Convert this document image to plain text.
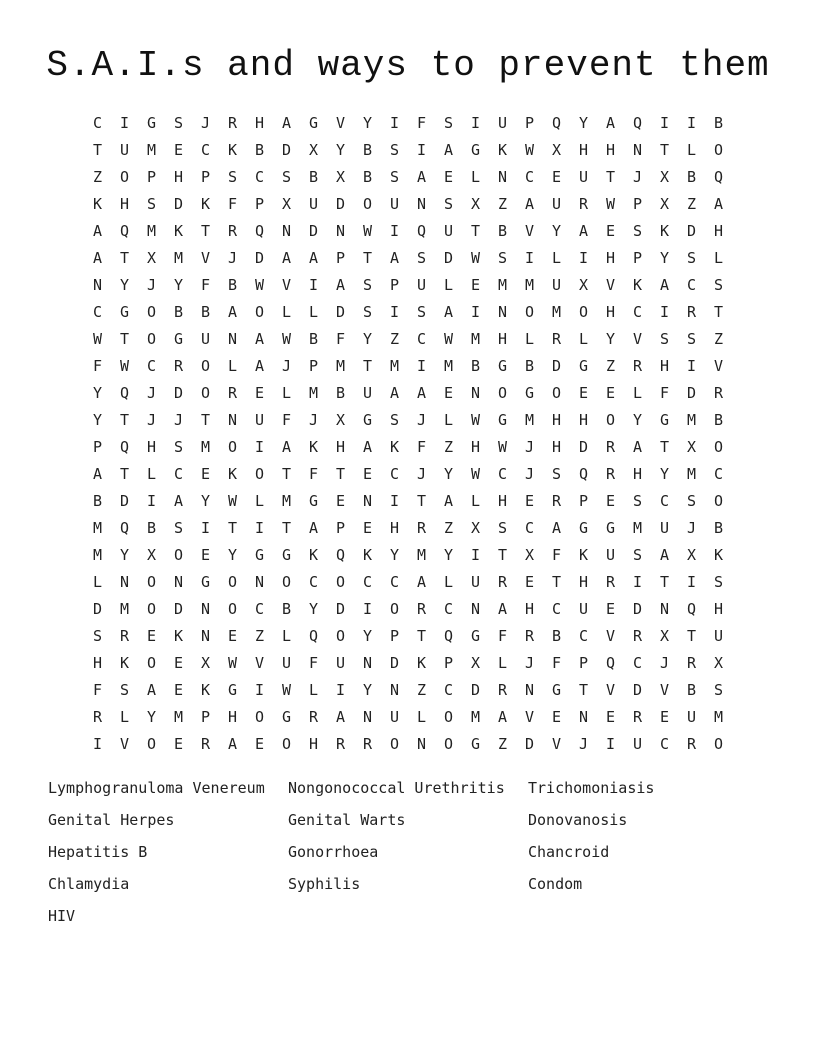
S.A.I.s and ways to prevent them
C	I	G	S	J	R	H	A	G	V	Y	I	F	S	I	U	P	Q	Y	A	Q	I	I	B
T	U	M	E	C	K	B	D	X	Y	B	S	I	A	G	K	W	X	H	H	N	T	L	O
Z	O	P	H	P	S	C	S	B	X	B	S	A	E	L	N	C	E	U	T	J	X	B	Q
K	H	S	D	K	F	P	X	U	D	O	U	N	S	X	Z	A	U	R	W	P	X	Z	A
A	Q	M	K	T	R	Q	N	D	N	W	I	Q	U	T	B	V	Y	A	E	S	K	D	H
A	T	X	M	V	J	D	A	A	P	T	A	S	D	W	S	I	L	I	H	P	Y	S	L
N	Y	J	Y	F	B	W	V	I	A	S	P	U	L	E	M	M	U	X	V	K	A	C	S
C	G	O	B	B	A	O	L	L	D	S	I	S	A	I	N	O	M	O	H	C	I	R	T
W	T	O	G	U	N	A	W	B	F	Y	Z	C	W	M	H	L	R	L	Y	V	S	S	Z
F	W	C	R	O	L	A	J	P	M	T	M	I	M	B	G	B	D	G	Z	R	H	I	V
Y	Q	J	D	O	R	E	L	M	B	U	A	A	E	N	O	G	O	E	E	L	F	D	R
Y	T	J	J	T	N	U	F	J	X	G	S	J	L	W	G	M	H	H	O	Y	G	M	B
P	Q	H	S	M	O	I	A	K	H	A	K	F	Z	H	W	J	H	D	R	A	T	X	O
A	T	L	C	E	K	O	T	F	T	E	C	J	Y	W	C	J	S	Q	R	H	Y	M	C
B	D	I	A	Y	W	L	M	G	E	N	I	T	A	L	H	E	R	P	E	S	C	S	O
M	Q	B	S	I	T	I	T	A	P	E	H	R	Z	X	S	C	A	G	G	M	U	J	B
M	Y	X	O	E	Y	G	G	K	Q	K	Y	M	Y	I	T	X	F	K	U	S	A	X	K
L	N	O	N	G	O	N	O	C	O	C	C	A	L	U	R	E	T	H	R	I	T	I	S
D	M	O	D	N	O	C	B	Y	D	I	O	R	C	N	A	H	C	U	E	D	N	Q	H
S	R	E	K	N	E	Z	L	Q	O	Y	P	T	Q	G	F	R	B	C	V	R	X	T	U
H	K	O	E	X	W	V	U	F	U	N	D	K	P	X	L	J	F	P	Q	C	J	R	X
F	S	A	E	K	G	I	W	L	I	Y	N	Z	C	D	R	N	G	T	V	D	V	B	S
R	L	Y	M	P	H	O	G	R	A	N	U	L	O	M	A	V	E	N	E	R	E	U	M
I	V	O	E	R	A	E	O	H	R	R	O	N	O	G	Z	D	V	J	I	U	C	R	O
Lymphogranuloma Venereum	Nongonococcal Urethritis	Trichomoniasis
Genital Herpes	Genital Warts	Donovanosis
Hepatitis B	Gonorrhoea	Chancroid
Chlamydia	Syphilis	Condom
HIV
